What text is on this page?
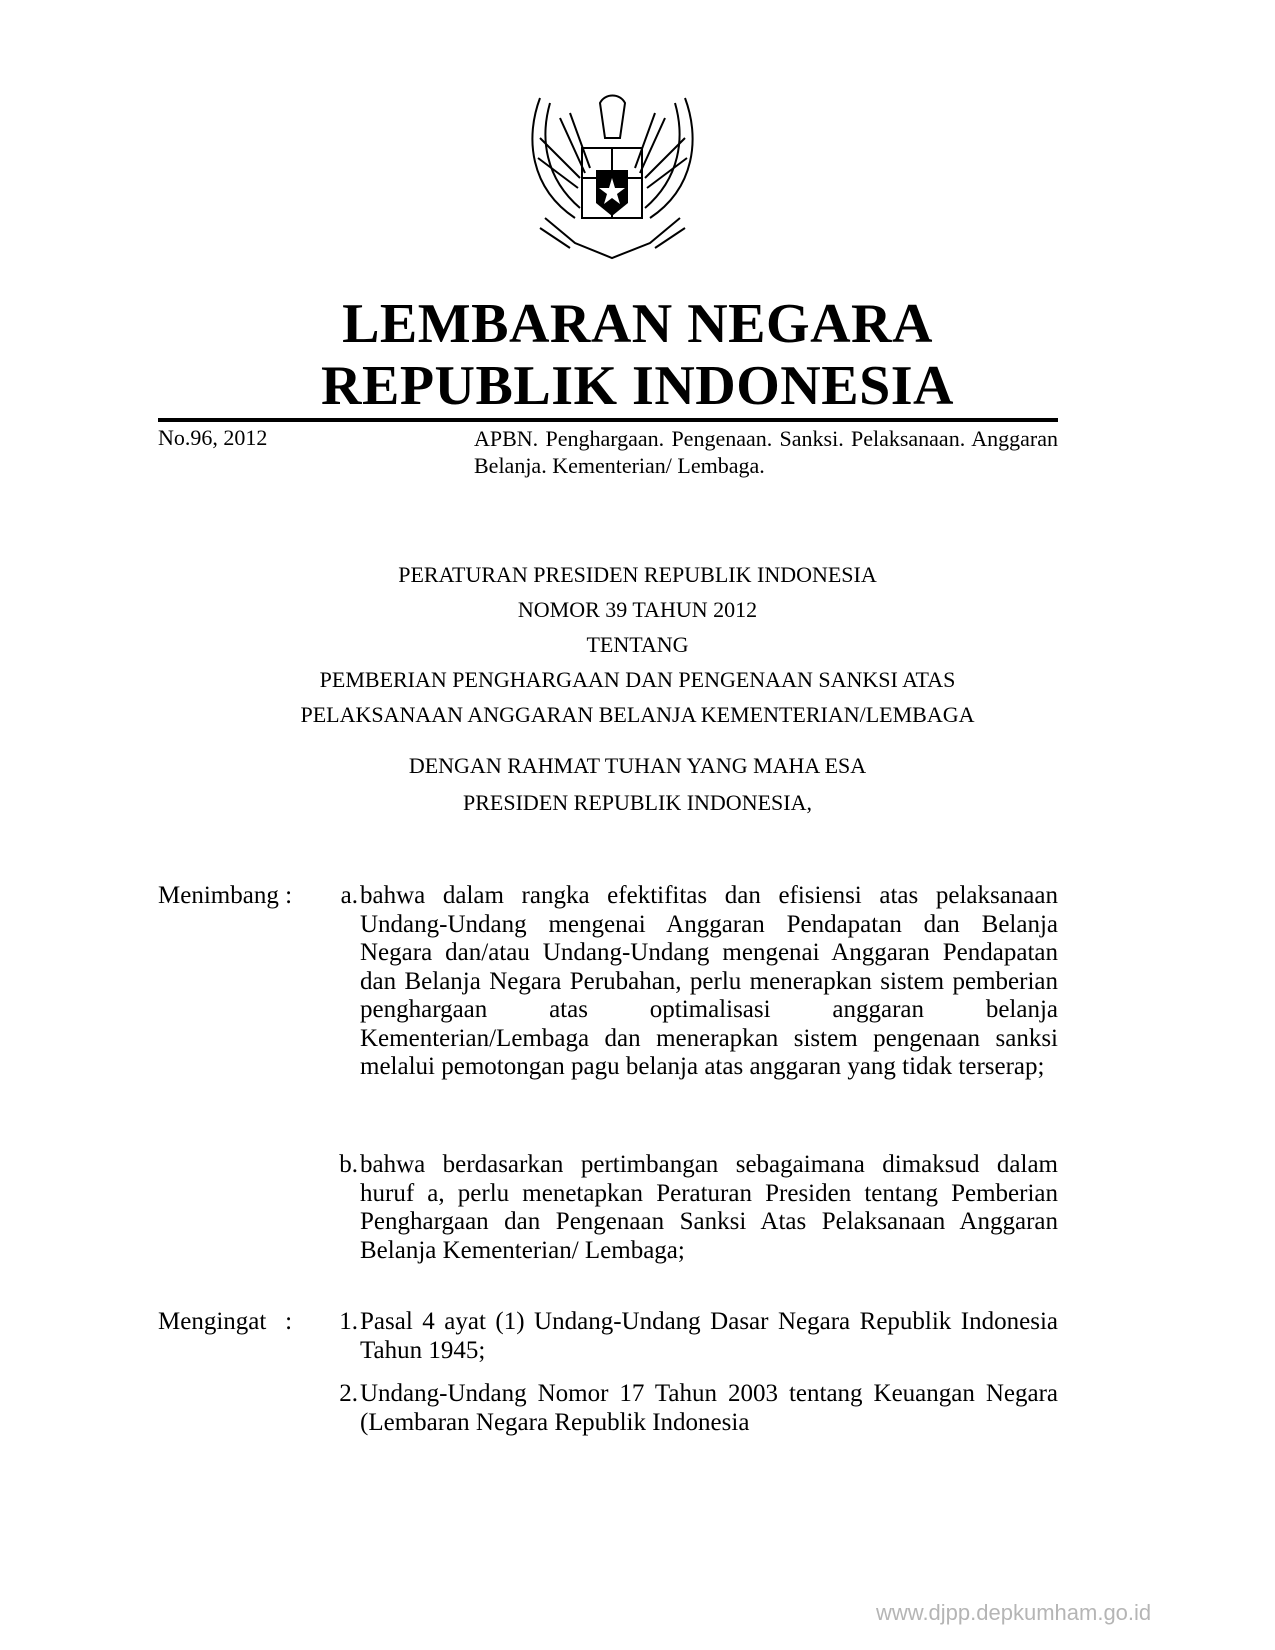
LEMBARAN NEGARA
REPUBLIK INDONESIA
No.96, 2012	APBN. Penghargaan. Pengenaan. Sanksi. Pelaksanaan. Anggaran Belanja. Kementerian/ Lembaga.
PERATURAN PRESIDEN REPUBLIK INDONESIA
NOMOR 39 TAHUN 2012
TENTANG
PEMBERIAN PENGHARGAAN DAN PENGENAAN SANKSI ATAS
PELAKSANAAN ANGGARAN BELANJA KEMENTERIAN/LEMBAGA
DENGAN RAHMAT TUHAN YANG MAHA ESA
PRESIDEN REPUBLIK INDONESIA,
Menimbang :	a. bahwa dalam rangka efektifitas dan efisiensi atas pelaksanaan Undang-Undang mengenai Anggaran Pendapatan dan Belanja Negara dan/atau Undang-Undang mengenai Anggaran Pendapatan dan Belanja Negara Perubahan, perlu menerapkan sistem pemberian penghargaan atas optimalisasi anggaran belanja Kementerian/Lembaga dan menerapkan sistem pengenaan sanksi melalui pemotongan pagu belanja atas anggaran yang tidak terserap;
b. bahwa berdasarkan pertimbangan sebagaimana dimaksud dalam huruf a, perlu menetapkan Peraturan Presiden tentang Pemberian Penghargaan dan Pengenaan Sanksi Atas Pelaksanaan Anggaran Belanja Kementerian/ Lembaga;
Mengingat   :	1. Pasal 4 ayat (1) Undang-Undang Dasar Negara Republik Indonesia Tahun 1945;
2. Undang-Undang Nomor 17 Tahun 2003 tentang Keuangan Negara (Lembaran Negara Republik Indonesia
www.djpp.depkumham.go.id
